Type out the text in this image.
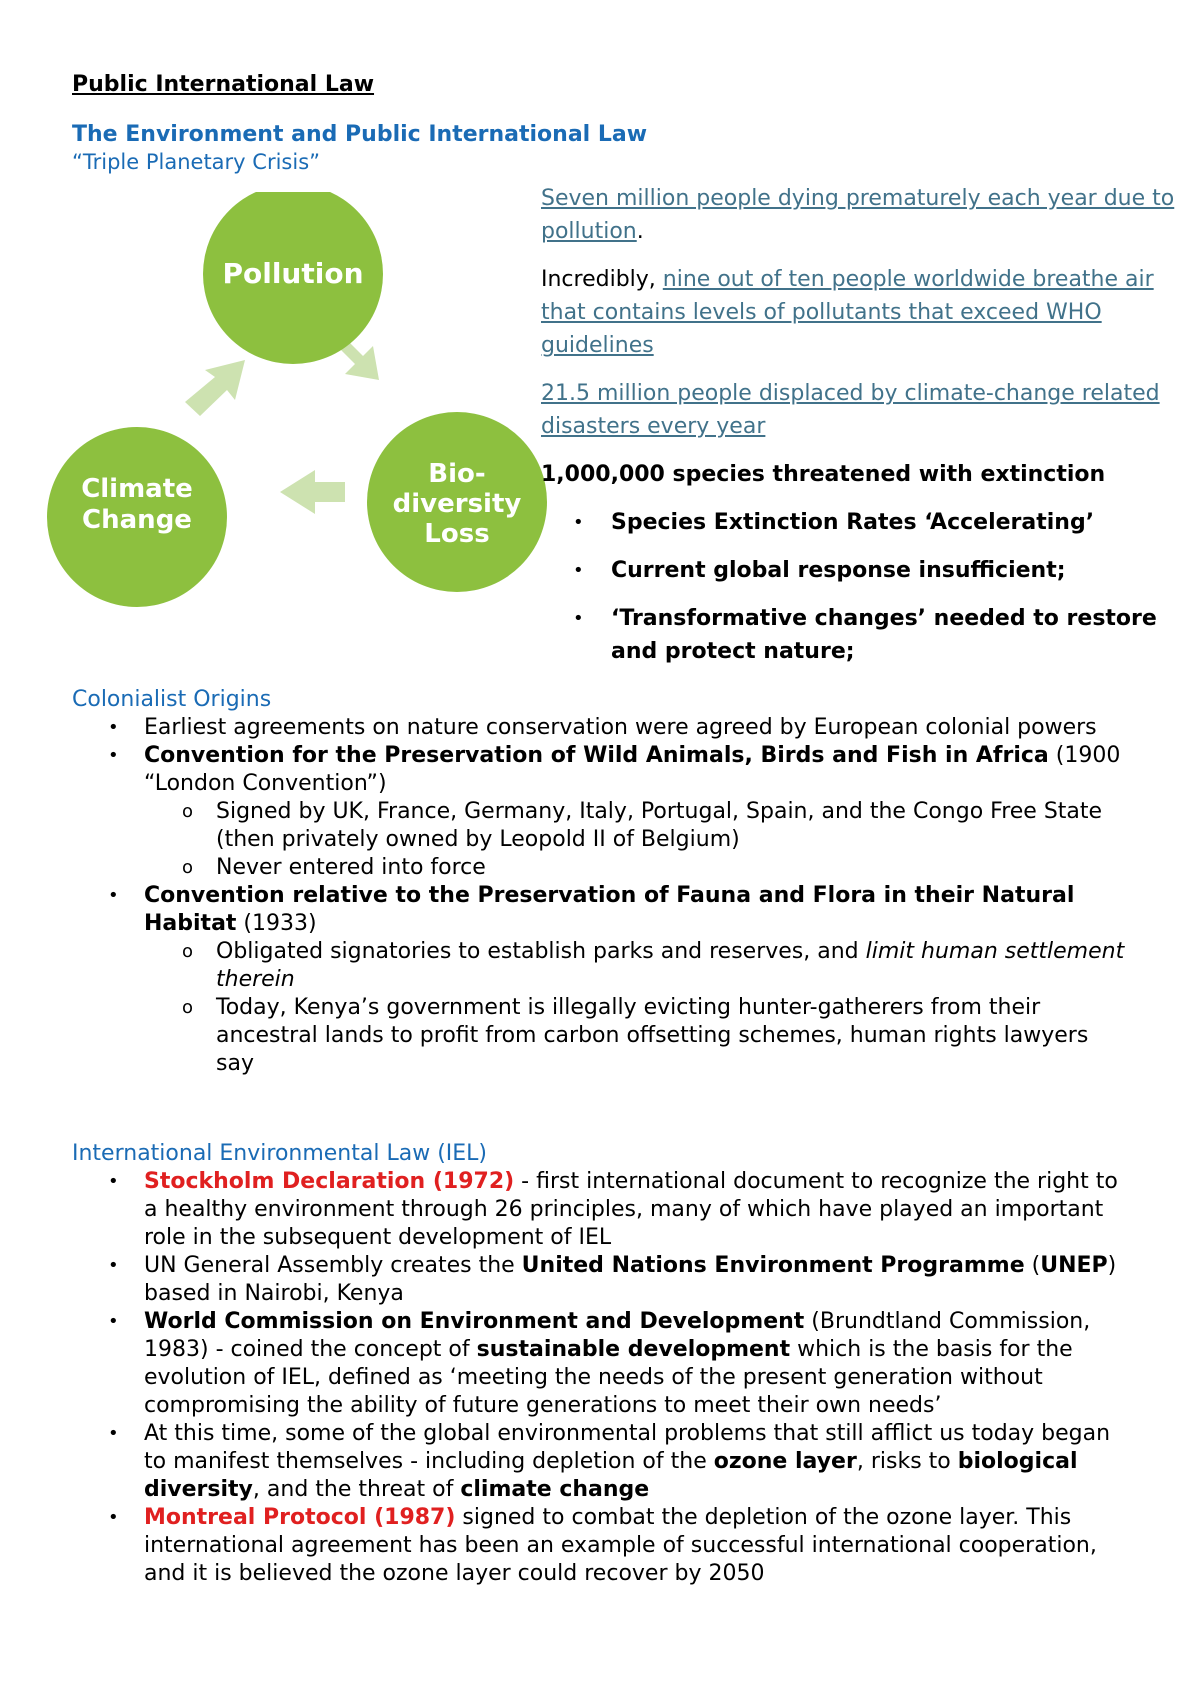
Public International Law
The Environment and Public International Law
“Triple Planetary Crisis”
Pollution
Bio-
diversity
Loss
Climate
Change

Seven million people dying prematurely each year due to pollution.

Incredibly, nine out of ten people worldwide breathe air that contains levels of pollutants that exceed WHO guidelines

21.5 million people displaced by climate-change related disasters every year

1,000,000 species threatened with extinction

• Species Extinction Rates ‘Accelerating’
• Current global response insufficient;
• ‘Transformative changes’ needed to restore and protect nature;
Colonialist Origins
• Earliest agreements on nature conservation were agreed by European colonial powers
• Convention for the Preservation of Wild Animals, Birds and Fish in Africa (1900 “London Convention”)
o Signed by UK, France, Germany, Italy, Portugal, Spain, and the Congo Free State (then privately owned by Leopold II of Belgium)
o Never entered into force
• Convention relative to the Preservation of Fauna and Flora in their Natural Habitat (1933)
o Obligated signatories to establish parks and reserves, and limit human settlement therein
o Today, Kenya’s government is illegally evicting hunter-gatherers from their ancestral lands to profit from carbon offsetting schemes, human rights lawyers say
International Environmental Law (IEL)
• Stockholm Declaration (1972) - first international document to recognize the right to a healthy environment through 26 principles, many of which have played an important role in the subsequent development of IEL
• UN General Assembly creates the United Nations Environment Programme (UNEP) based in Nairobi, Kenya
• World Commission on Environment and Development (Brundtland Commission, 1983) - coined the concept of sustainable development which is the basis for the evolution of IEL, defined as ‘meeting the needs of the present generation without compromising the ability of future generations to meet their own needs’
• At this time, some of the global environmental problems that still afflict us today began to manifest themselves - including depletion of the ozone layer, risks to biological diversity, and the threat of climate change
• Montreal Protocol (1987) signed to combat the depletion of the ozone layer. This international agreement has been an example of successful international cooperation, and it is believed the ozone layer could recover by 2050
